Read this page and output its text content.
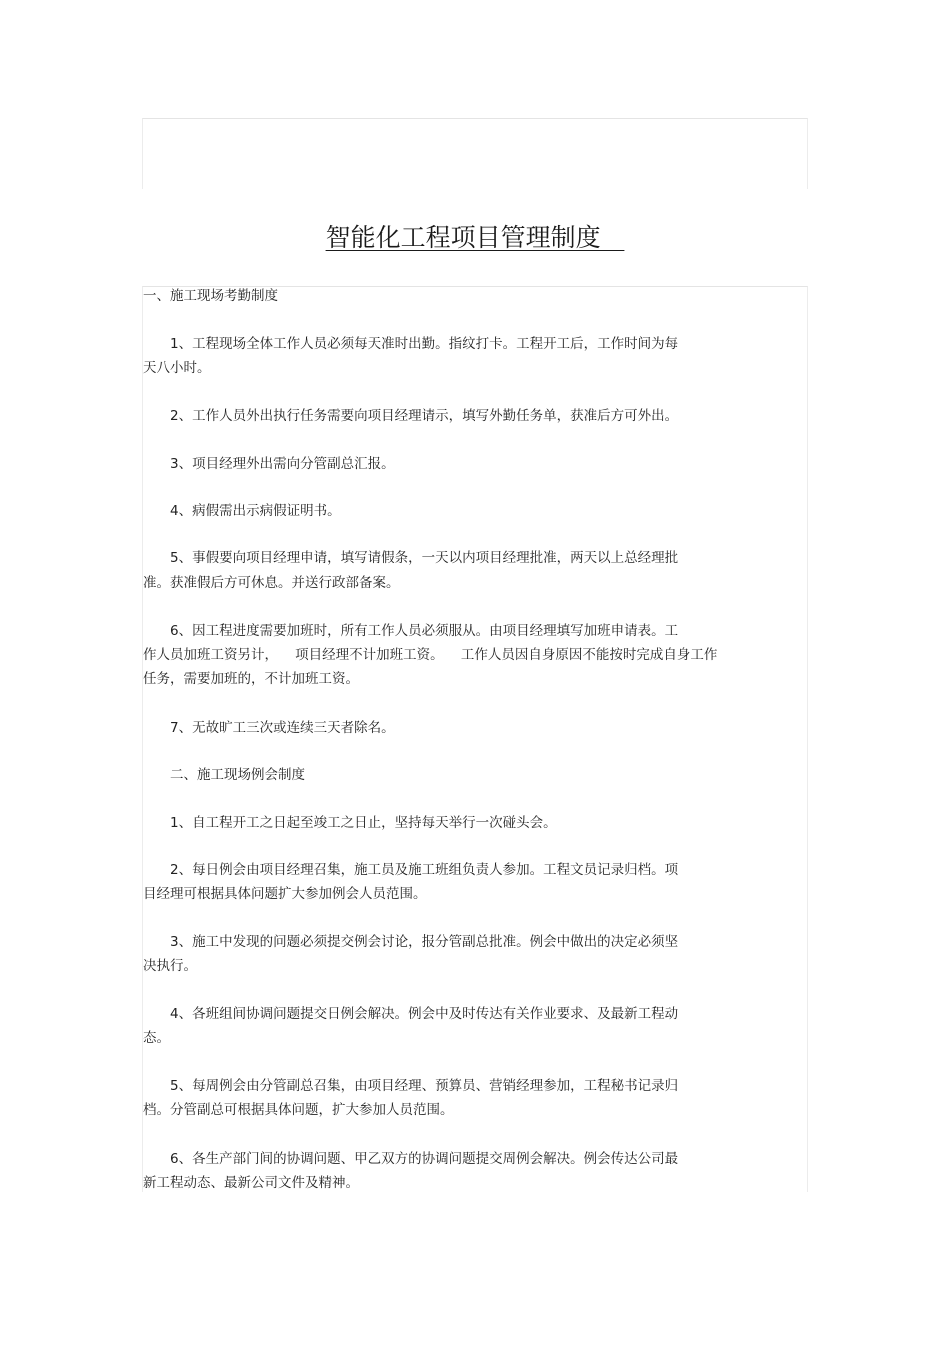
智能化工程项目管理制度
一、施工现场考勤制度
1、工程现场全体工作人员必须每天准时出勤。指纹打卡。工程开工后，工作时间为每
天八小时。
2、工作人员外出执行任务需要向项目经理请示，填写外勤任务单，获准后方可外出。
3、项目经理外出需向分管副总汇报。
4、病假需出示病假证明书。
5、事假要向项目经理申请，填写请假条，一天以内项目经理批准，两天以上总经理批
准。获准假后方可休息。并送行政部备案。
6、因工程进度需要加班时，所有工作人员必须服从。由项目经理填写加班申请表。工
作人员加班工资另计，    项目经理不计加班工资。    工作人员因自身原因不能按时完成自身工作
任务，需要加班的，不计加班工资。
7、无故旷工三次或连续三天者除名。
二、施工现场例会制度
1、自工程开工之日起至竣工之日止，坚持每天举行一次碰头会。
2、每日例会由项目经理召集，施工员及施工班组负责人参加。工程文员记录归档。项
目经理可根据具体问题扩大参加例会人员范围。
3、施工中发现的问题必须提交例会讨论，报分管副总批准。例会中做出的决定必须坚
决执行。
4、各班组间协调问题提交日例会解决。例会中及时传达有关作业要求、及最新工程动
态。
5、每周例会由分管副总召集，由项目经理、预算员、营销经理参加，工程秘书记录归
档。分管副总可根据具体问题，扩大参加人员范围。
6、各生产部门间的协调问题、甲乙双方的协调问题提交周例会解决。例会传达公司最
新工程动态、最新公司文件及精神。
